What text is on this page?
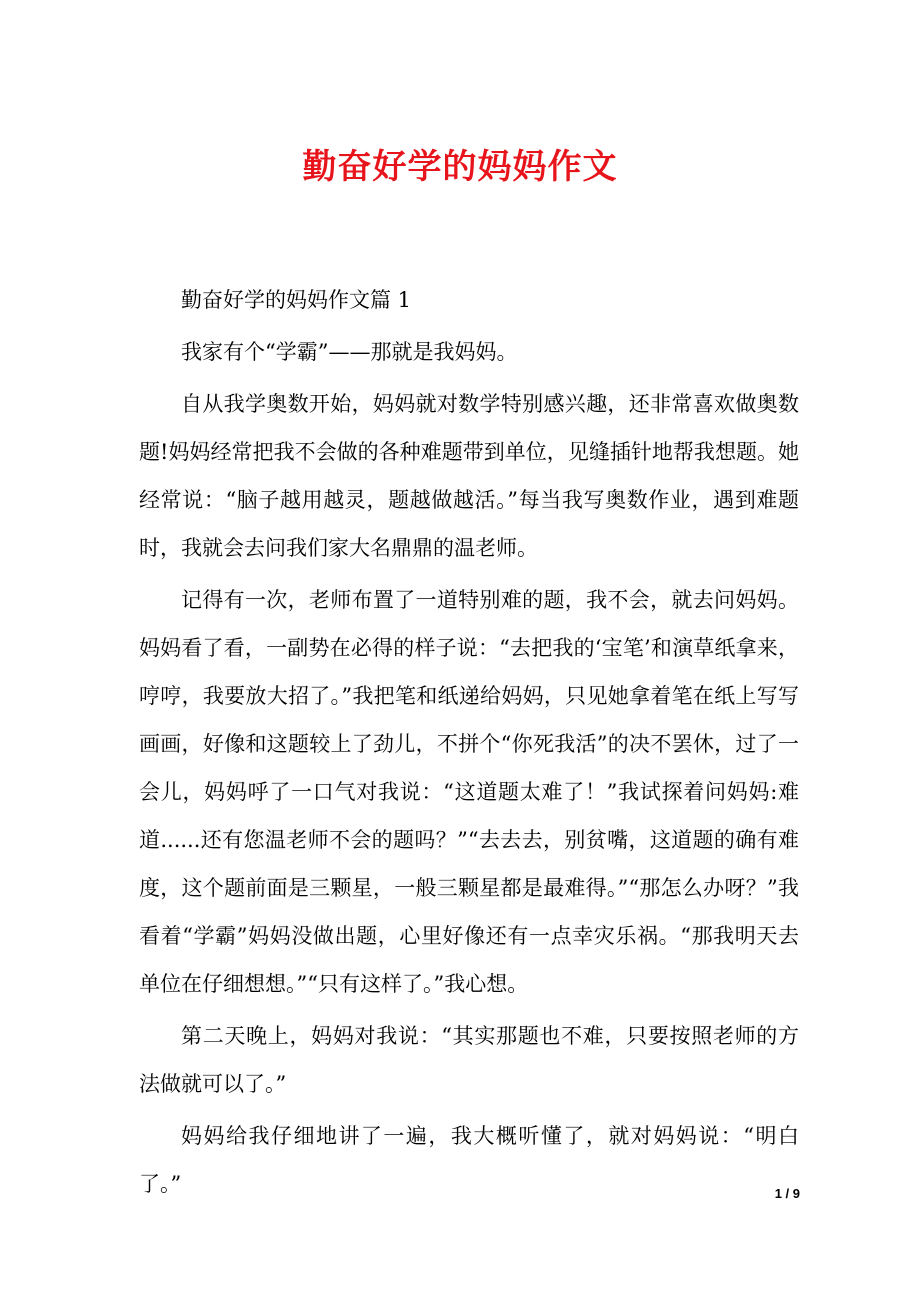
勤奋好学的妈妈作文

勤奋好学的妈妈作文篇 1

我家有个“学霸”——那就是我妈妈。

自从我学奥数开始，妈妈就对数学特别感兴趣，还非常喜欢做奥数题!妈妈经常把我不会做的各种难题带到单位，见缝插针地帮我想题。她经常说：“脑子越用越灵，题越做越活。”每当我写奥数作业，遇到难题时，我就会去问我们家大名鼎鼎的温老师。

记得有一次，老师布置了一道特别难的题，我不会，就去问妈妈。妈妈看了看，一副势在必得的样子说：“去把我的‘宝笔’和演草纸拿来，哼哼，我要放大招了。”我把笔和纸递给妈妈，只见她拿着笔在纸上写写画画，好像和这题较上了劲儿，不拼个“你死我活”的决不罢休，过了一会儿，妈妈呼了一口气对我说：“这道题太难了！”我试探着问妈妈:难道......还有您温老师不会的题吗？”“去去去，别贫嘴，这道题的确有难度，这个题前面是三颗星，一般三颗星都是最难得。”“那怎么办呀？”我看着“学霸”妈妈没做出题，心里好像还有一点幸灾乐祸。“那我明天去单位在仔细想想。”“只有这样了。”我心想。

第二天晚上，妈妈对我说：“其实那题也不难，只要按照老师的方法做就可以了。”

妈妈给我仔细地讲了一遍，我大概听懂了，就对妈妈说：“明白了。”	1 / 9
